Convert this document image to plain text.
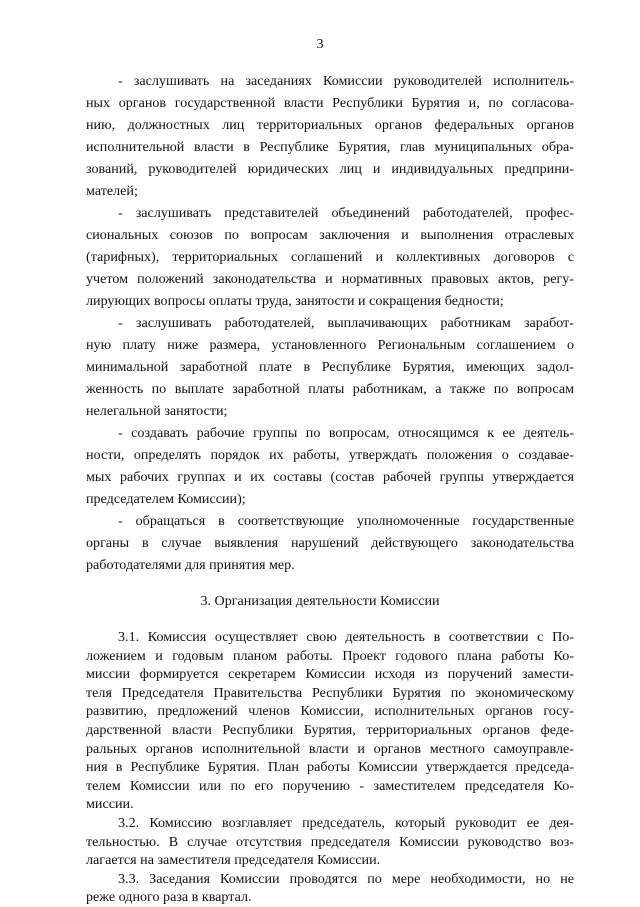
3
- заслушивать на заседаниях Комиссии руководителей исполнитель-
ных органов государственной власти Республики Бурятия и, по согласова-
нию, должностных лиц территориальных органов федеральных органов
исполнительной власти в Республике Бурятия, глав муниципальных обра-
зований, руководителей юридических лиц и индивидуальных предприни-
мателей;
- заслушивать представителей объединений работодателей, профес-
сиональных союзов по вопросам заключения и выполнения отраслевых
(тарифных), территориальных соглашений и коллективных договоров с
учетом положений законодательства и нормативных правовых актов, регу-
лирующих вопросы оплаты труда, занятости и сокращения бедности;
- заслушивать работодателей, выплачивающих работникам заработ-
ную плату ниже размера, установленного Региональным соглашением о
минимальной заработной плате в Республике Бурятия, имеющих задол-
женность по выплате заработной платы работникам, а также по вопросам
нелегальной занятости;
- создавать рабочие группы по вопросам, относящимся к ее деятель-
ности, определять порядок их работы, утверждать положения о создавае-
мых рабочих группах и их составы (состав рабочей группы утверждается
председателем Комиссии);
- обращаться в соответствующие уполномоченные государственные
органы в случае выявления нарушений действующего законодательства
работодателями для принятия мер.
3. Организация деятельности Комиссии
3.1. Комиссия осуществляет свою деятельность в соответствии с По-
ложением и годовым планом работы. Проект годового плана работы Ко-
миссии формируется секретарем Комиссии исходя из поручений замести-
теля Председателя Правительства Республики Бурятия по экономическому
развитию, предложений членов Комиссии, исполнительных органов госу-
дарственной власти Республики Бурятия, территориальных органов феде-
ральных органов исполнительной власти и органов местного самоуправле-
ния в Республике Бурятия. План работы Комиссии утверждается председа-
телем Комиссии или по его поручению - заместителем председателя Ко-
миссии.
3.2. Комиссию возглавляет председатель, который руководит ее дея-
тельностью. В случае отсутствия председателя Комиссии руководство воз-
лагается на заместителя председателя Комиссии.
3.3. Заседания Комиссии проводятся по мере необходимости, но не
реже одного раза в квартал.
